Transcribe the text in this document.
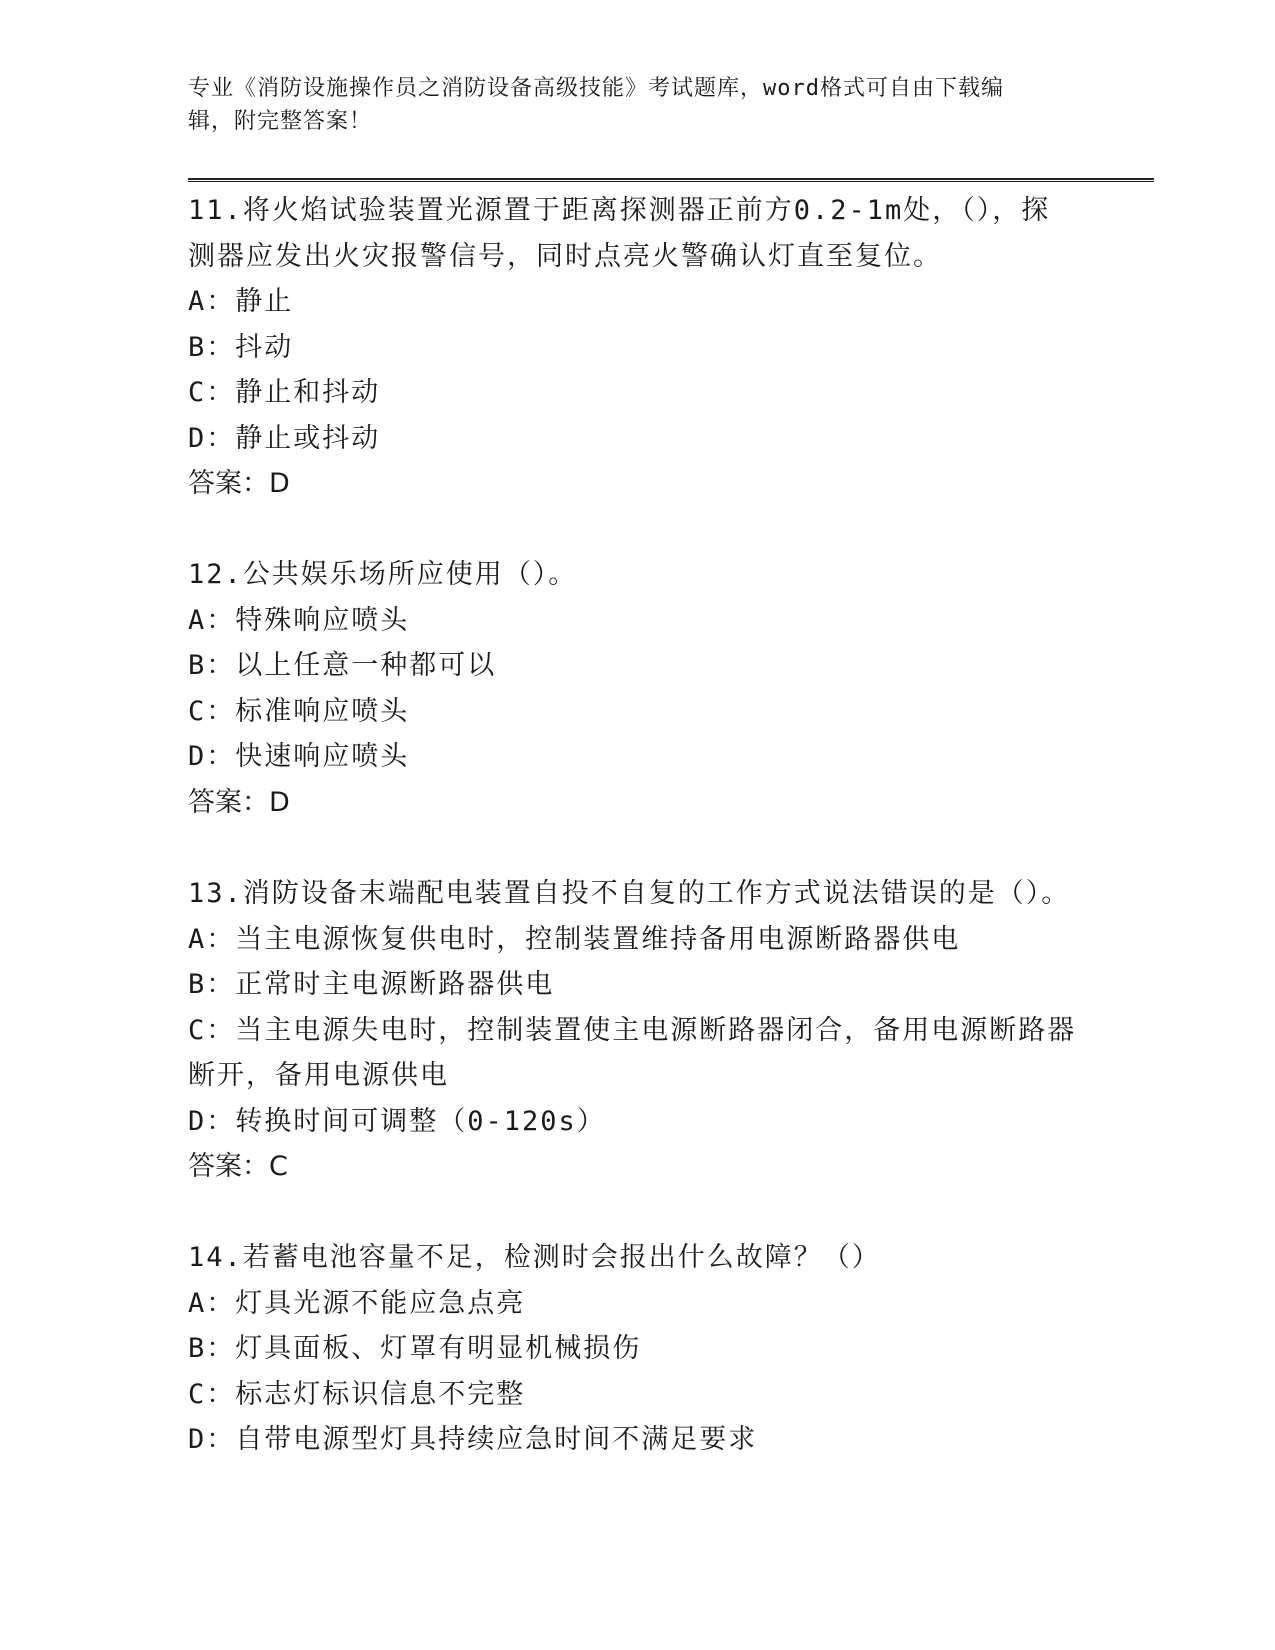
专业《消防设施操作员之消防设备高级技能》考试题库，word格式可自由下载编
辑，附完整答案！
11.将火焰试验装置光源置于距离探测器正前方0.2-1m处，（），探
测器应发出火灾报警信号，同时点亮火警确认灯直至复位。
A：静止
B：抖动
C：静止和抖动
D：静止或抖动
答案：D
12.公共娱乐场所应使用（）。
A：特殊响应喷头
B：以上任意一种都可以
C：标准响应喷头
D：快速响应喷头
答案：D
13.消防设备末端配电装置自投不自复的工作方式说法错误的是（）。
A：当主电源恢复供电时，控制装置维持备用电源断路器供电
B：正常时主电源断路器供电
C：当主电源失电时，控制装置使主电源断路器闭合，备用电源断路器
断开，备用电源供电
D：转换时间可调整（0-120s）
答案：C
14.若蓄电池容量不足，检测时会报出什么故障？（）
A：灯具光源不能应急点亮
B：灯具面板、灯罩有明显机械损伤
C：标志灯标识信息不完整
D：自带电源型灯具持续应急时间不满足要求
